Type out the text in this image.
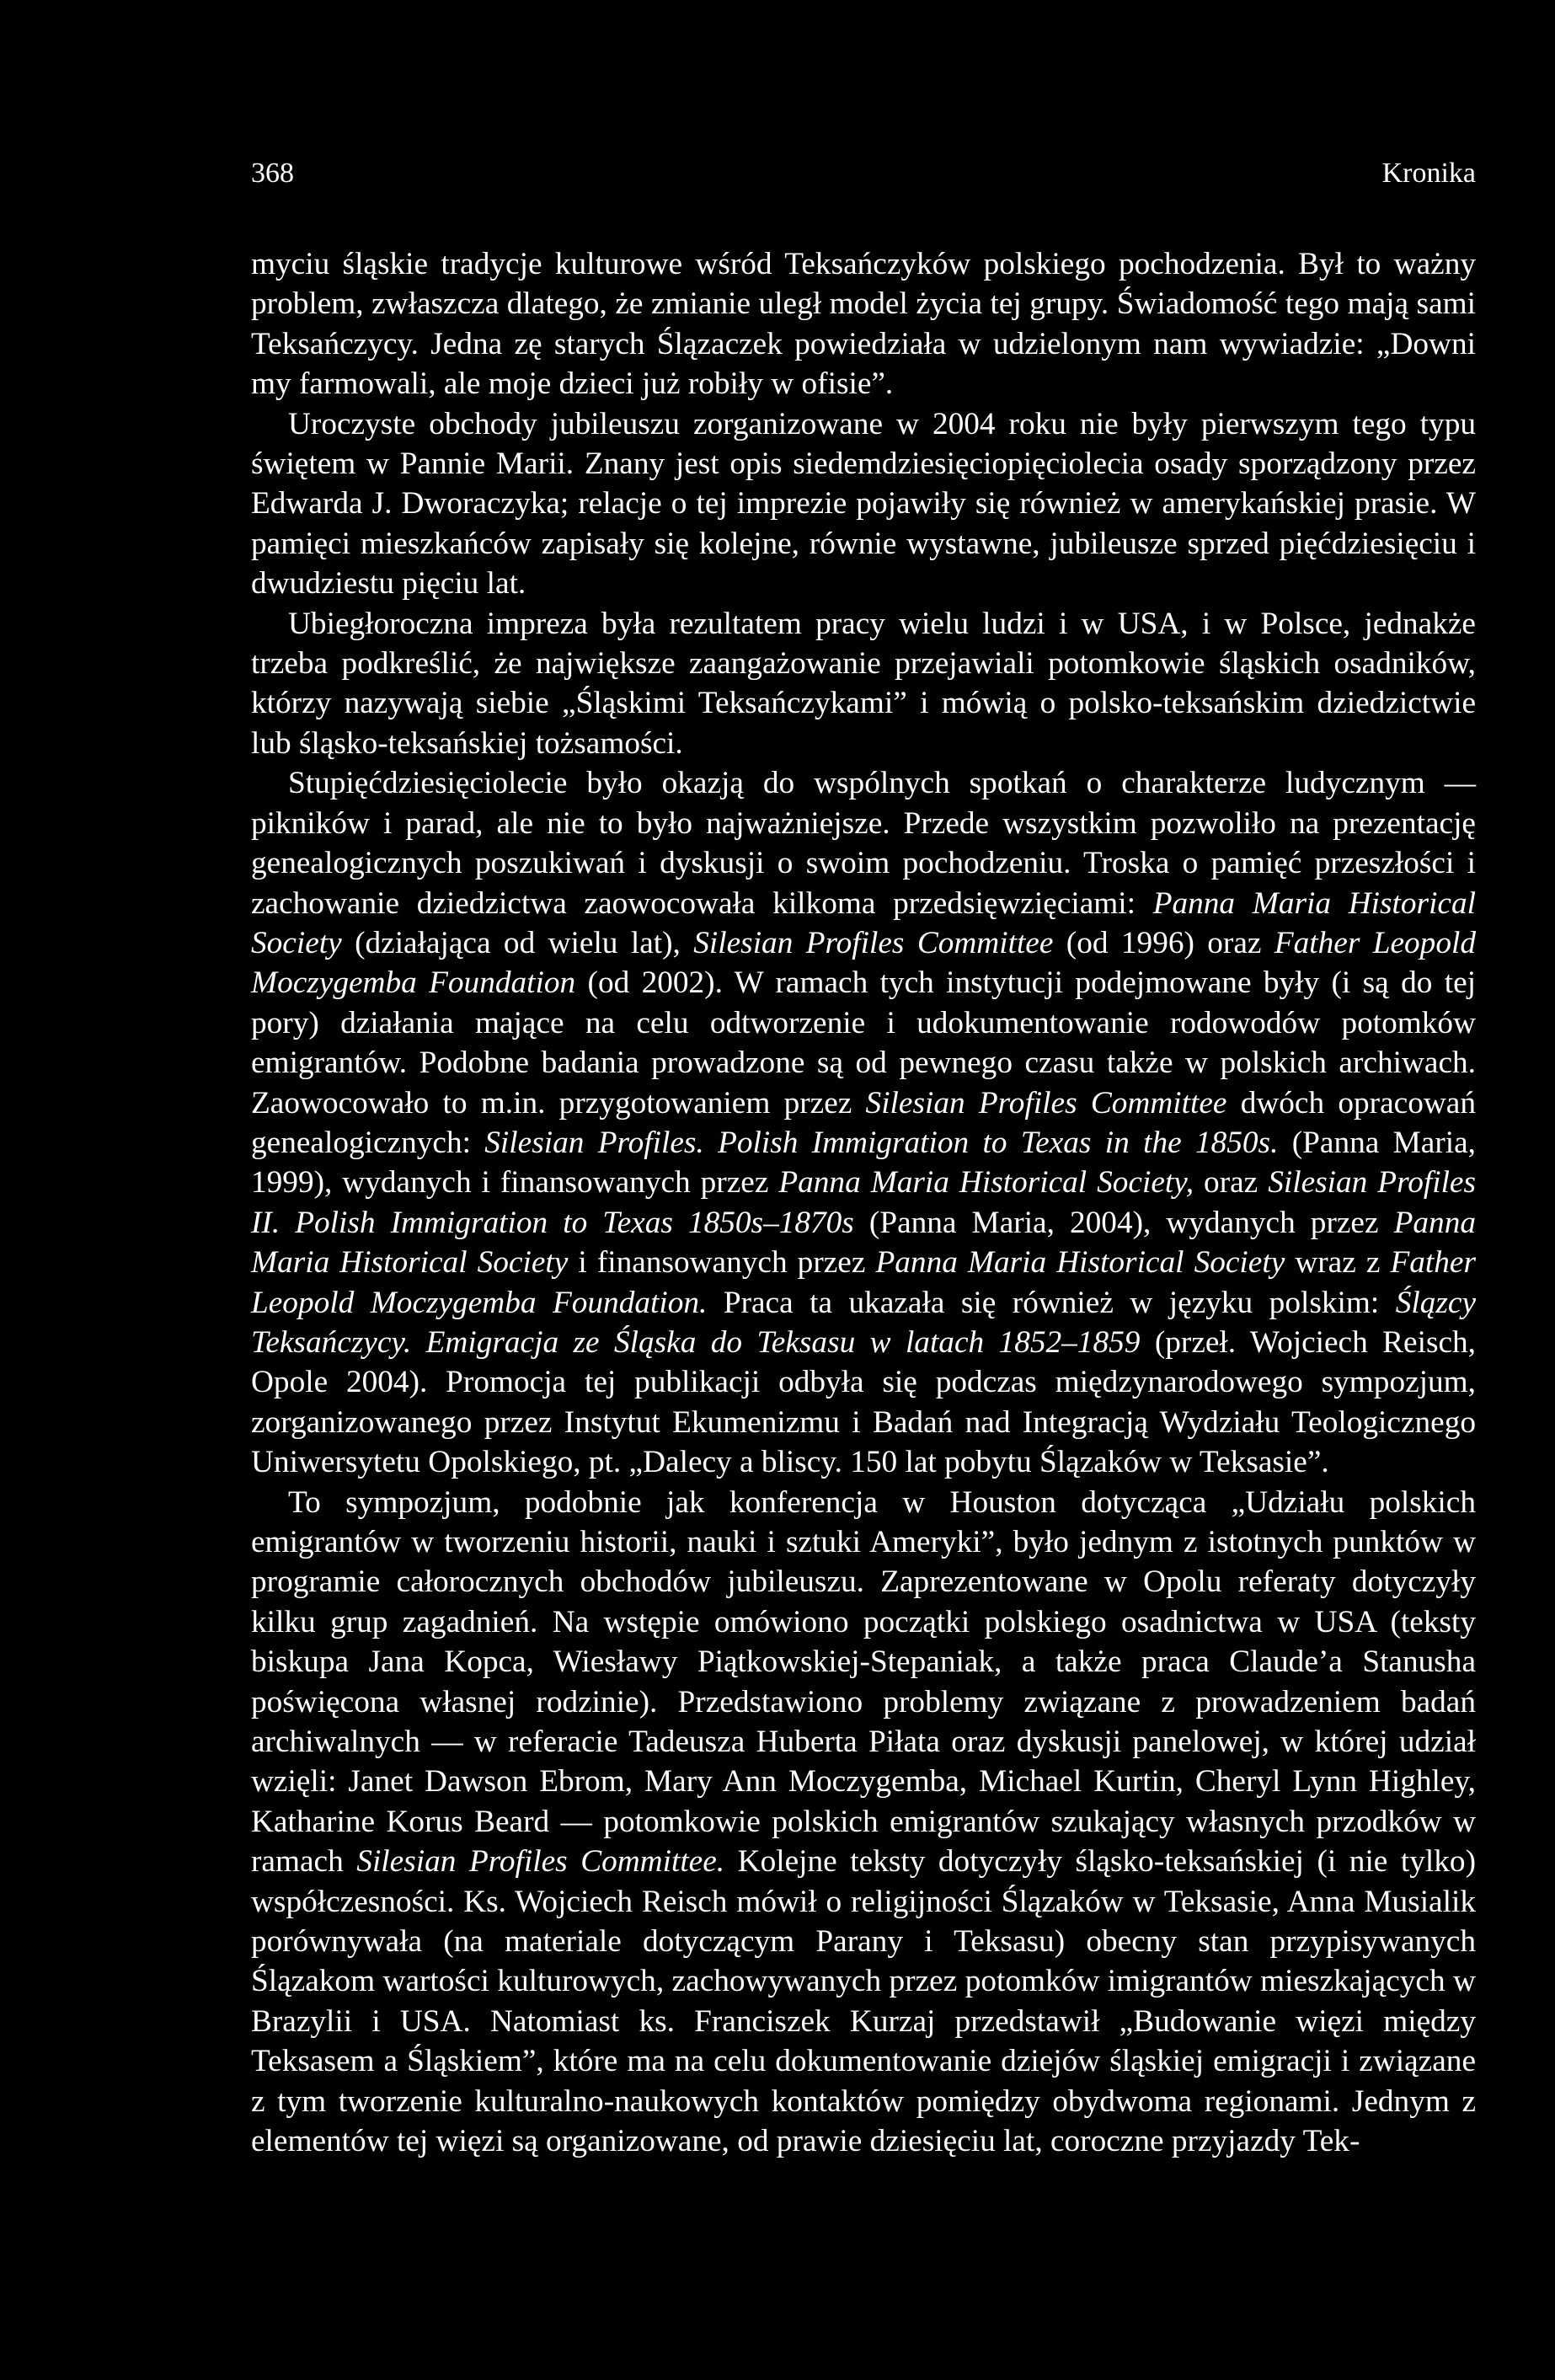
368	Kronika

myciu śląskie tradycje kulturowe wśród Teksańczyków polskiego pochodzenia. Był to ważny problem, zwłaszcza dlatego, że zmianie uległ model życia tej grupy. Świadomość tego mają sami Teksańczycy. Jedna zę starych Ślązaczek powiedziała w udzielonym nam wywiadzie: „Downi my farmowali, ale moje dzieci już robiły w ofisie”.

Uroczyste obchody jubileuszu zorganizowane w 2004 roku nie były pierwszym tego typu świętem w Pannie Marii. Znany jest opis siedemdziesięciopięciolecia osady sporządzony przez Edwarda J. Dworaczyka; relacje o tej imprezie pojawiły się również w amerykańskiej prasie. W pamięci mieszkańców zapisały się kolejne, równie wystawne, jubileusze sprzed pięćdziesięciu i dwudziestu pięciu lat.

Ubiegłoroczna impreza była rezultatem pracy wielu ludzi i w USA, i w Polsce, jednakże trzeba podkreślić, że największe zaangażowanie przejawiali potomkowie śląskich osadników, którzy nazywają siebie „Śląskimi Teksańczykami” i mówią o polsko-teksańskim dziedzictwie lub śląsko-teksańskiej tożsamości.

Stupięćdziesięciolecie było okazją do wspólnych spotkań o charakterze ludycznym — pikników i parad, ale nie to było najważniejsze. Przede wszystkim pozwoliło na prezentację genealogicznych poszukiwań i dyskusji o swoim pochodzeniu. Troska o pamięć przeszłości i zachowanie dziedzictwa zaowocowała kilkoma przedsięwzięciami: Panna Maria Historical Society (działająca od wielu lat), Silesian Profiles Committee (od 1996) oraz Father Leopold Moczygemba Foundation (od 2002). W ramach tych instytucji podejmowane były (i są do tej pory) działania mające na celu odtworzenie i udokumentowanie rodowodów potomków emigrantów. Podobne badania prowadzone są od pewnego czasu także w polskich archiwach. Zaowocowało to m.in. przygotowaniem przez Silesian Profiles Committee dwóch opracowań genealogicznych: Silesian Profiles. Polish Immigration to Texas in the 1850s. (Panna Maria, 1999), wydanych i finansowanych przez Panna Maria Historical Society, oraz Silesian Profiles II. Polish Immigration to Texas 1850s–1870s (Panna Maria, 2004), wydanych przez Panna Maria Historical Society i finansowanych przez Panna Maria Historical Society wraz z Father Leopold Moczygemba Foundation. Praca ta ukazała się również w języku polskim: Ślązcy Teksańczycy. Emigracja ze Śląska do Teksasu w latach 1852–1859 (przeł. Wojciech Reisch, Opole 2004). Promocja tej publikacji odbyła się podczas międzynarodowego sympozjum, zorganizowanego przez Instytut Ekumenizmu i Badań nad Integracją Wydziału Teologicznego Uniwersytetu Opolskiego, pt. „Dalecy a bliscy. 150 lat pobytu Ślązaków w Teksasie”.

To sympozjum, podobnie jak konferencja w Houston dotycząca „Udziału polskich emigrantów w tworzeniu historii, nauki i sztuki Ameryki”, było jednym z istotnych punktów w programie całorocznych obchodów jubileuszu. Zaprezentowane w Opolu referaty dotyczyły kilku grup zagadnień. Na wstępie omówiono początki polskiego osadnictwa w USA (teksty biskupa Jana Kopca, Wiesławy Piątkowskiej-Stepaniak, a także praca Claude’a Stanusha poświęcona własnej rodzinie). Przedstawiono problemy związane z prowadzeniem badań archiwalnych — w referacie Tadeusza Huberta Piłata oraz dyskusji panelowej, w której udział wzięli: Janet Dawson Ebrom, Mary Ann Moczygemba, Michael Kurtin, Cheryl Lynn Highley, Katharine Korus Beard — potomkowie polskich emigrantów szukający własnych przodków w ramach Silesian Profiles Committee. Kolejne teksty dotyczyły śląsko-teksańskiej (i nie tylko) współczesności. Ks. Wojciech Reisch mówił o religijności Ślązaków w Teksasie, Anna Musialik porównywała (na materiale dotyczącym Parany i Teksasu) obecny stan przypisywanych Ślązakom wartości kulturowych, zachowywanych przez potomków imigrantów mieszkających w Brazylii i USA. Natomiast ks. Franciszek Kurzaj przedstawił „Budowanie więzi między Teksasem a Śląskiem”, które ma na celu dokumentowanie dziejów śląskiej emigracji i związane z tym tworzenie kulturalno-naukowych kontaktów pomiędzy obydwoma regionami. Jednym z elementów tej więzi są organizowane, od prawie dziesięciu lat, coroczne przyjazdy Tek-
